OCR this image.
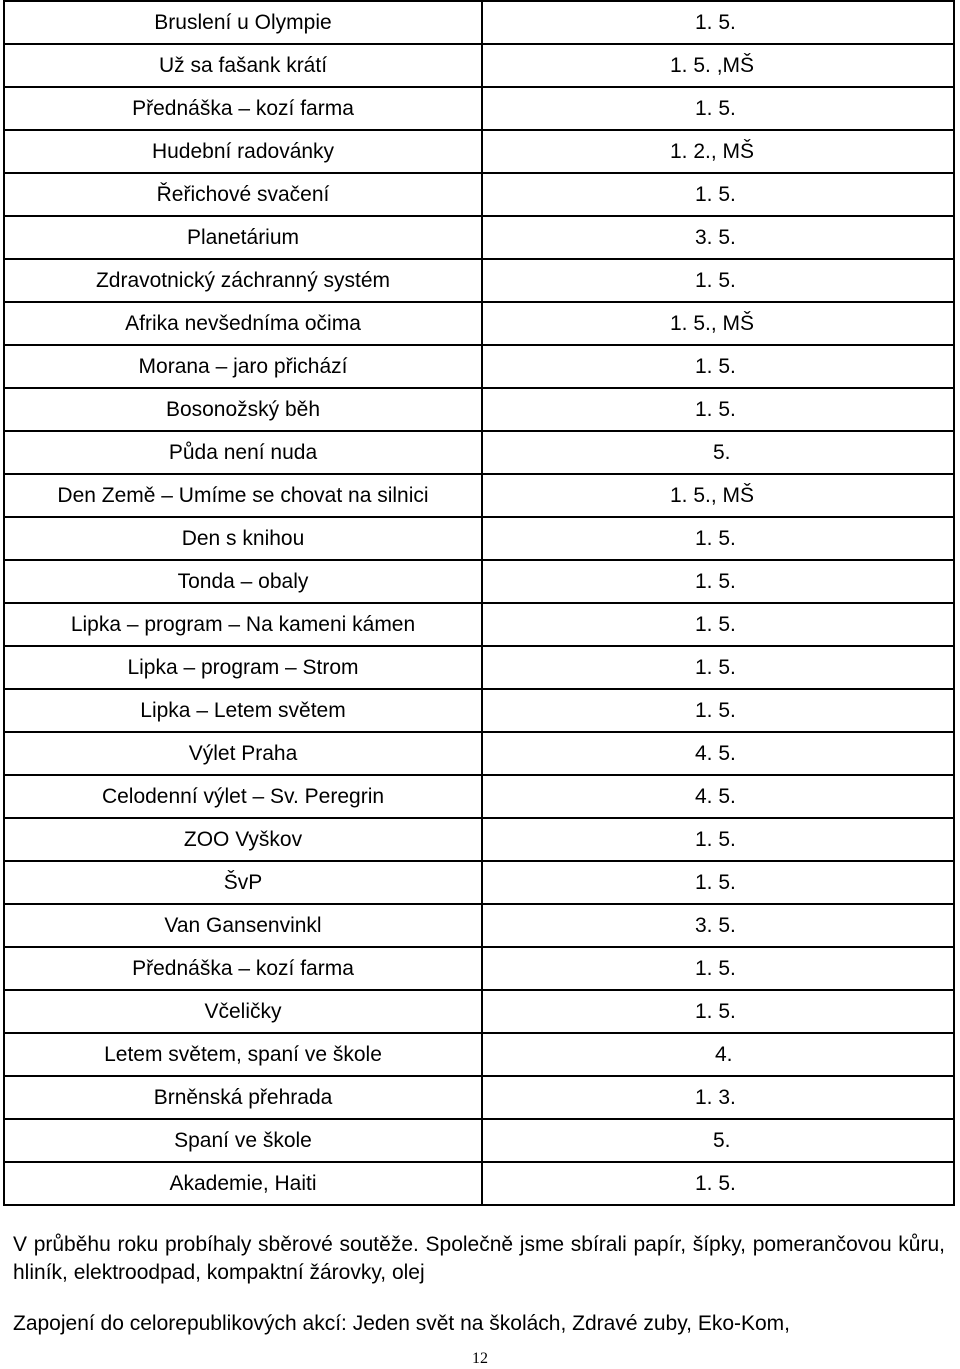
Bruslení u Olympie	1. 5.
Už sa fašank krátí	1. 5. ,MŠ
Přednáška – kozí farma	1. 5.
Hudební radovánky	1. 2., MŠ
Řeřichové svačení	1. 5.
Planetárium	3. 5.
Zdravotnický záchranný systém	1. 5.
Afrika nevšedníma očima	1. 5., MŠ
Morana – jaro přichází	1. 5.
Bosonožský běh	1. 5.
Půda není nuda	5.
Den Země – Umíme se chovat na silnici	1. 5., MŠ
Den s knihou	1. 5.
Tonda – obaly	1. 5.
Lipka – program – Na kameni kámen	1. 5.
Lipka – program – Strom	1. 5.
Lipka – Letem světem	1. 5.
Výlet Praha	4. 5.
Celodenní výlet – Sv. Peregrin	4. 5.
ZOO Vyškov	1. 5.
ŠvP	1. 5.
Van Gansenvinkl	3. 5.
Přednáška – kozí farma	1. 5.
Včeličky	1. 5.
Letem světem, spaní ve škole	4.
Brněnská přehrada	1. 3.
Spaní ve škole	5.
Akademie, Haiti	1. 5.
V průběhu roku probíhaly sběrové soutěže. Společně jsme sbírali papír, šípky, pomerančovou kůru, hliník, elektroodpad, kompaktní žárovky, olej
Zapojení do celorepublikových akcí: Jeden svět na školách, Zdravé zuby, Eko-Kom,
12
